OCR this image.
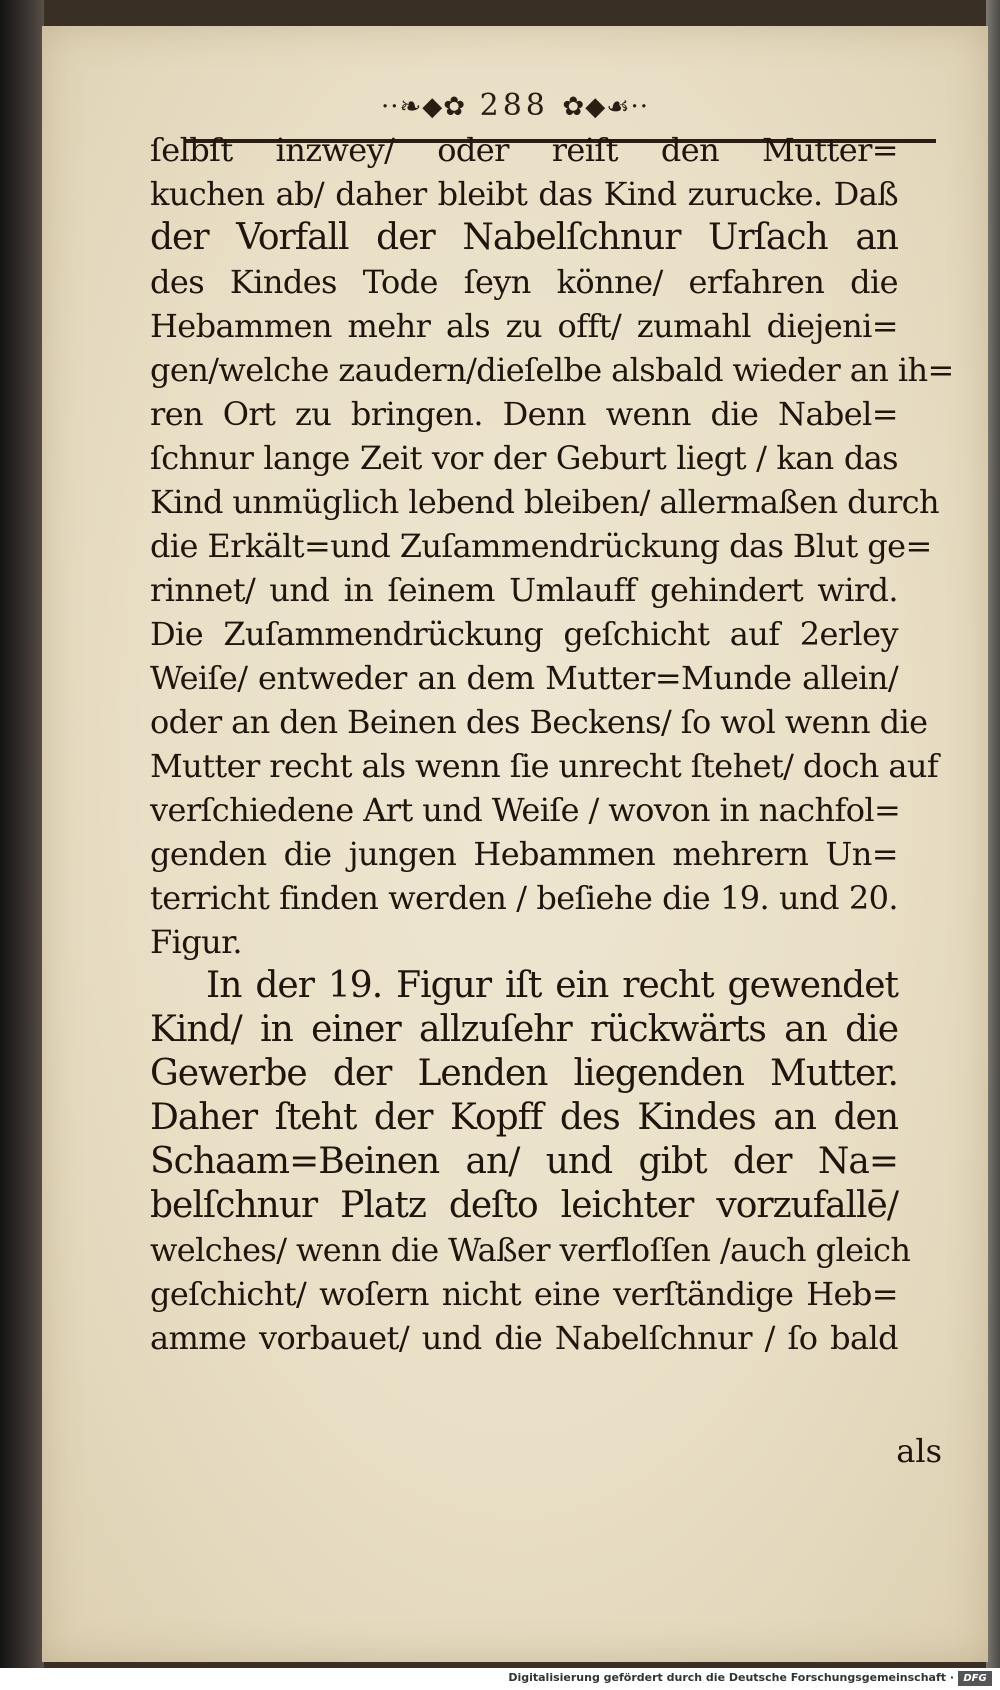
··❧◆✿ 288 ✿◆☙··
ſelbſt inzwey/ oder reiſt den Mutter=
kuchen ab/ daher bleibt das Kind zurucke. Daß
der Vorfall der Nabelſchnur Urſach an
des Kindes Tode ſeyn könne/ erfahren die
Hebammen mehr als zu offt/ zumahl diejeni=
gen/welche zaudern/dieſelbe alsbald wieder an ih=
ren Ort zu bringen. Denn wenn die Nabel=
ſchnur lange Zeit vor der Geburt liegt / kan das
Kind unmüglich lebend bleiben/ allermaßen durch
die Erkält=und Zuſammendrückung das Blut ge=
rinnet/ und in ſeinem Umlauff gehindert wird.
Die Zuſammendrückung geſchicht auf 2erley
Weiſe/ entweder an dem Mutter=Munde allein/
oder an den Beinen des Beckens/ ſo wol wenn die
Mutter recht als wenn ſie unrecht ſtehet/ doch auf
verſchiedene Art und Weiſe / wovon in nachfol=
genden die jungen Hebammen mehrern Un=
terricht finden werden / beſiehe die 19. und 20.
Figur.
In der 19. Figur iſt ein recht gewendet
Kind/ in einer allzuſehr rückwärts an die
Gewerbe der Lenden liegenden Mutter.
Daher ſteht der Kopff des Kindes an den
Schaam=Beinen an/ und gibt der Na=
belſchnur Platz deſto leichter vorzufallē/
welches/ wenn die Waßer verfloſſen /auch gleich
geſchicht/ woſern nicht eine verſtändige Heb=
amme vorbauet/ und die Nabelſchnur / ſo bald
als
Digitalisierung gefördert durch die Deutsche Forschungsgemeinschaft · DFG
